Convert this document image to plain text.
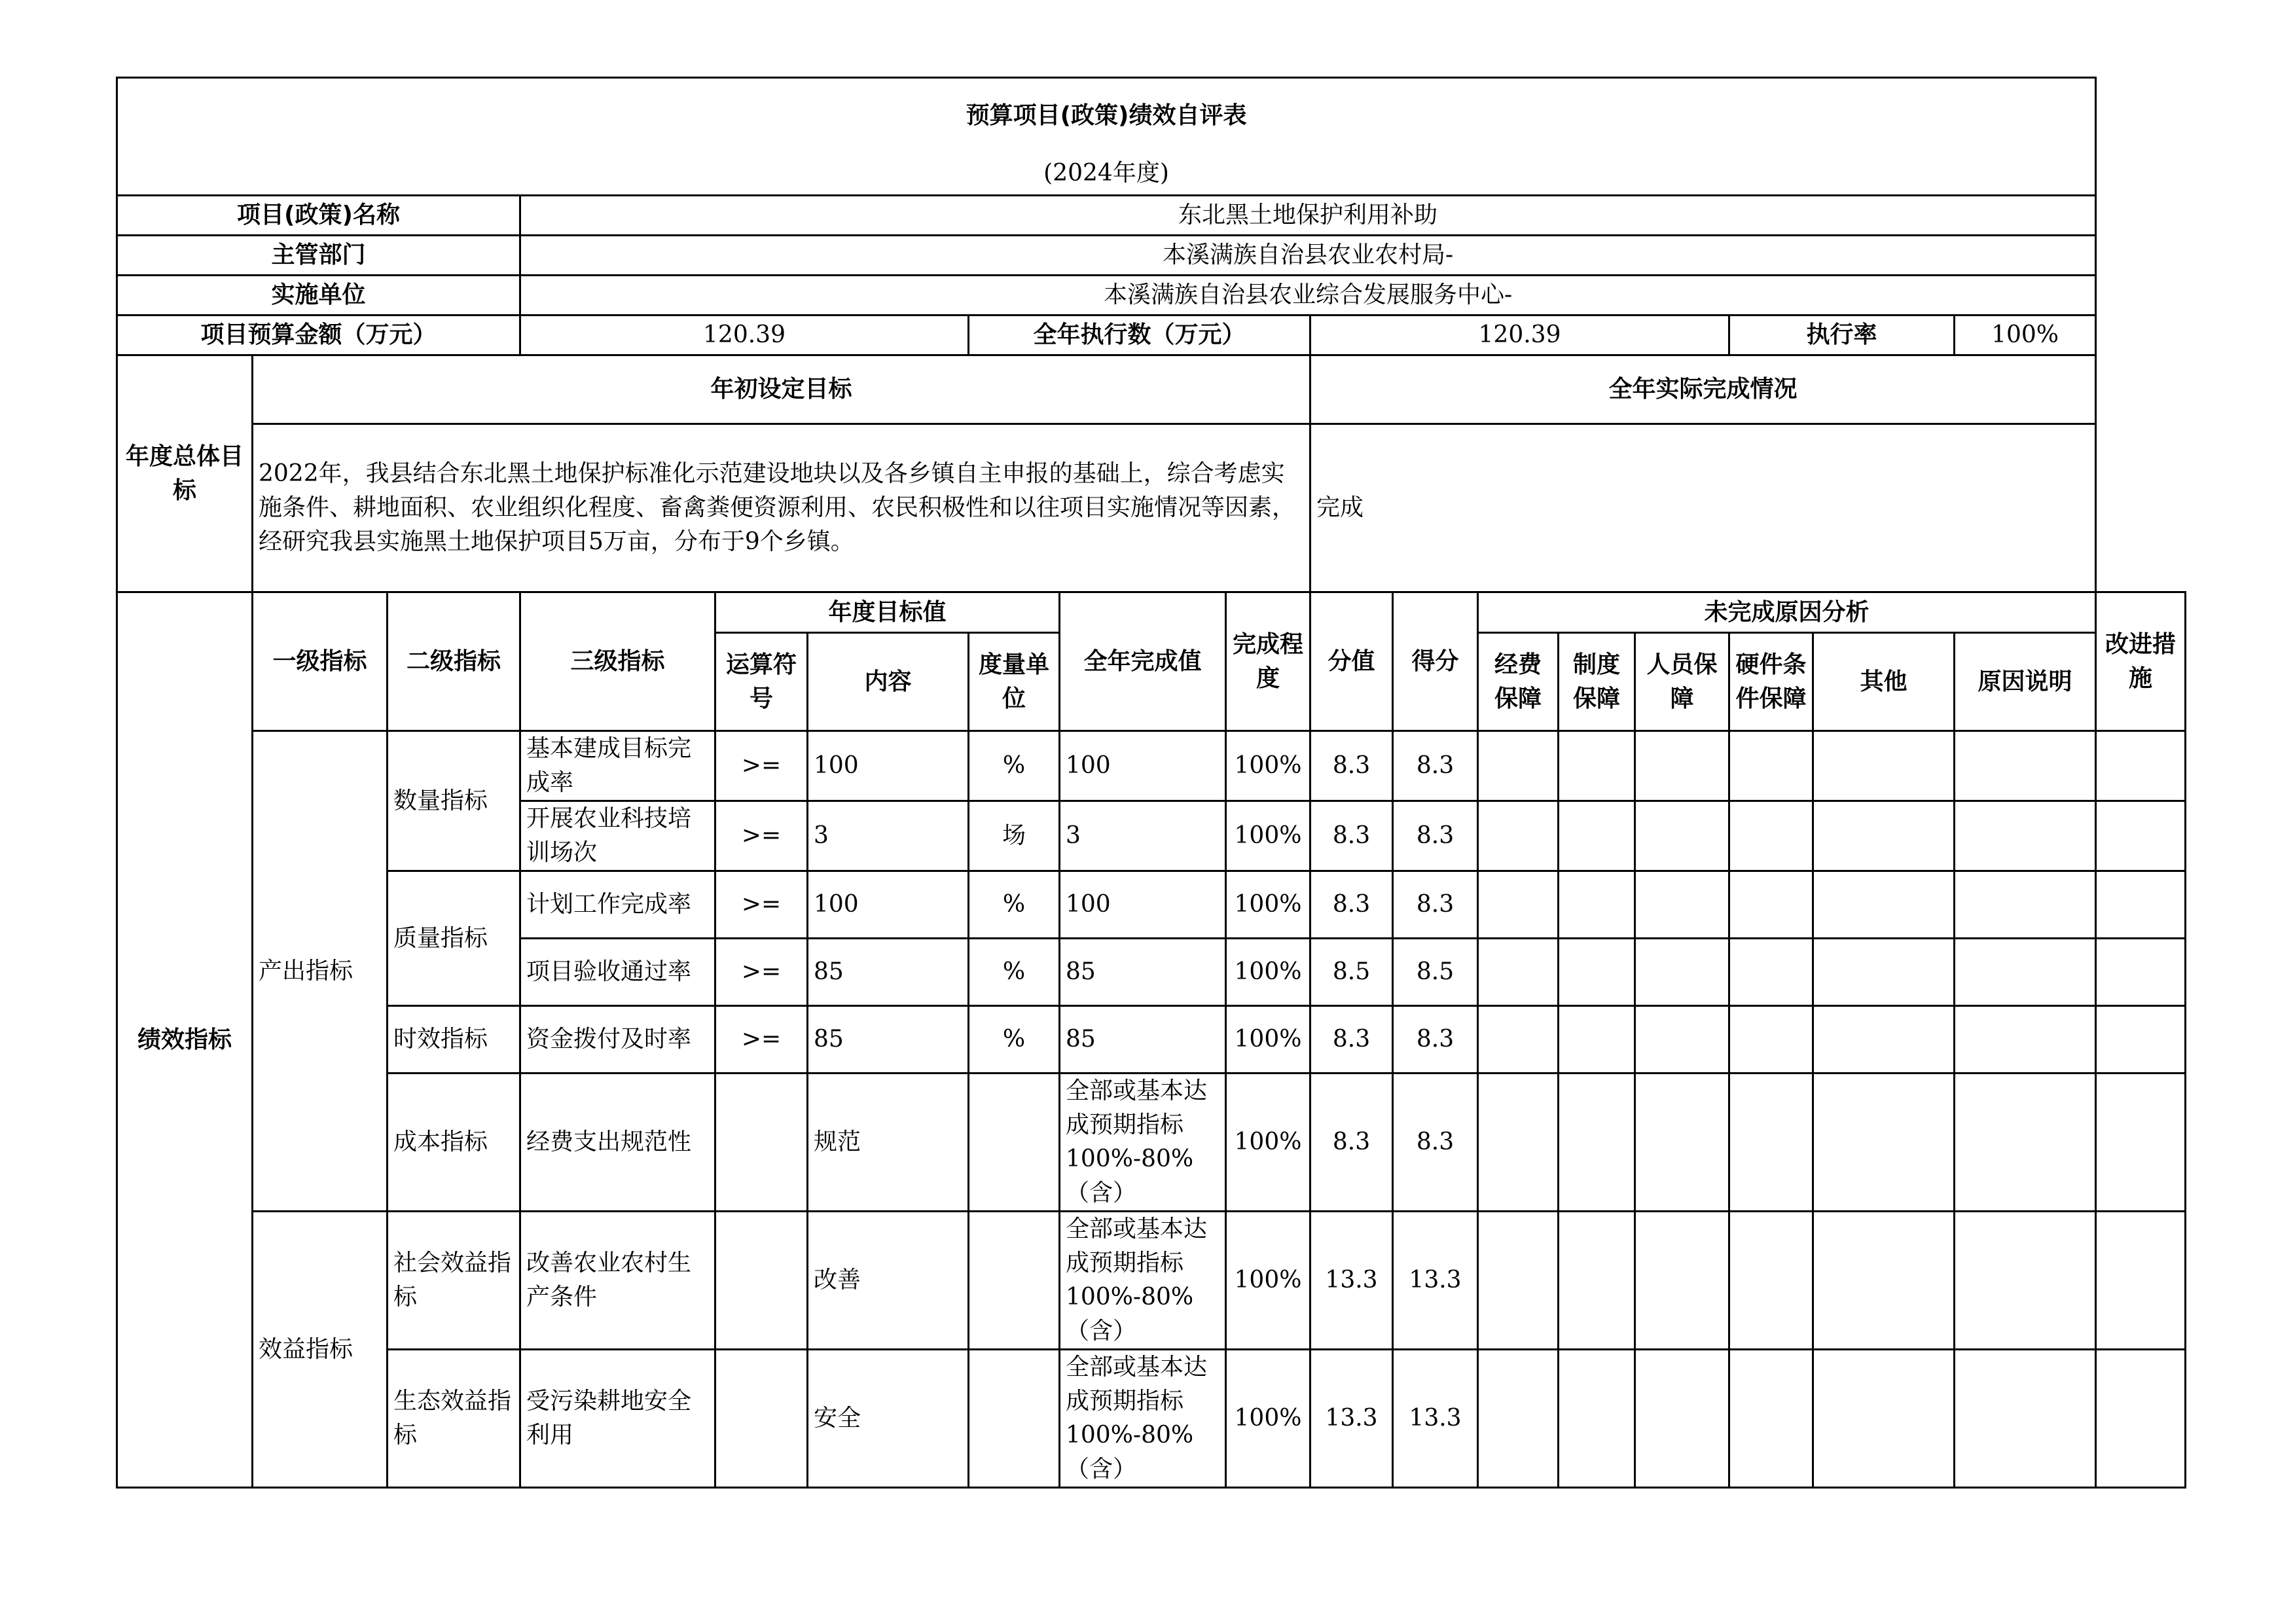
预算项目(政策)绩效自评表																	
(2024年度)																	
项目(政策)名称			东北黑土地保护利用补助														
主管部门			本溪满族自治县农业农村局-														
实施单位			本溪满族自治县农业综合发展服务中心-														
项目预算金额（万元）			120.39			全年执行数（万元）			120.39					执行率		100%	
年度总体目标	年初设定目标								全年实际完成情况								
	2022年，我县结合东北黑土地保护标准化示范建设地块以及各乡镇自主申报的基础上，综合考虑实施条件、耕地面积、农业组织化程度、畜禽粪便资源利用、农民积极性和以往项目实施情况等因素，经研究我县实施黑土地保护项目5万亩，分布于9个乡镇。								完成								
绩效指标	一级指标	二级指标	三级指标	年度目标值			全年完成值	完成程度	分值	得分	未完成原因分析						改进措施
				运算符号	内容	度量单位					经费保障	制度保障	人员保障	硬件条件保障	其他	原因说明	
	产出指标	数量指标	基本建成目标完成率	>=	100	%	100	100%	8.3	8.3							
			开展农业科技培训场次	>=	3	场	3	100%	8.3	8.3							
		质量指标	计划工作完成率	>=	100	%	100	100%	8.3	8.3							
			项目验收通过率	>=	85	%	85	100%	8.5	8.5							
		时效指标	资金拨付及时率	>=	85	%	85	100%	8.3	8.3							
		成本指标	经费支出规范性		规范		全部或基本达成预期指标100%-80%（含）	100%	8.3	8.3							
	效益指标	社会效益指标	改善农业农村生产条件		改善		全部或基本达成预期指标100%-80%（含）	100%	13.3	13.3							
		生态效益指标	受污染耕地安全利用		安全		全部或基本达成预期指标100%-80%（含）	100%	13.3	13.3							
